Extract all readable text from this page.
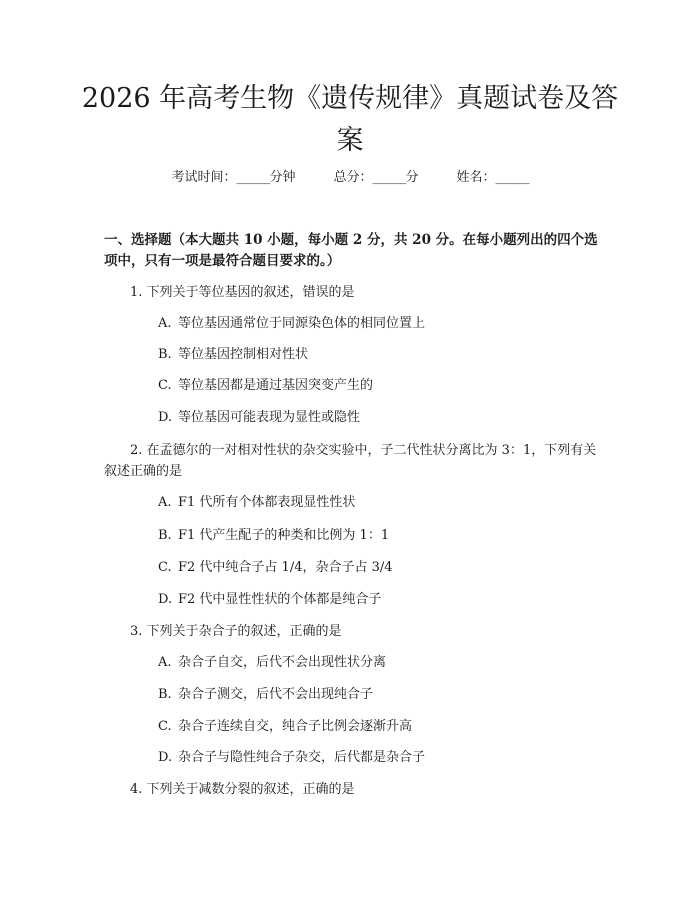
2026 年高考生物《遗传规律》真题试卷及答案
考试时间：______分钟	总分：______分	姓名：______

一、选择题（本大题共 10 小题，每小题 2 分，共 20 分。在每小题列出的四个选项中，只有一项是最符合题目要求的。）

1. 下列关于等位基因的叙述，错误的是

A. 等位基因通常位于同源染色体的相同位置上

B. 等位基因控制相对性状

C. 等位基因都是通过基因突变产生的

D. 等位基因可能表现为显性或隐性

2. 在孟德尔的一对相对性状的杂交实验中，子二代性状分离比为 3：1，下列有关叙述正确的是

A. F1 代所有个体都表现显性性状

B. F1 代产生配子的种类和比例为 1：1

C. F2 代中纯合子占 1/4，杂合子占 3/4

D. F2 代中显性性状的个体都是纯合子

3. 下列关于杂合子的叙述，正确的是

A. 杂合子自交，后代不会出现性状分离

B. 杂合子测交，后代不会出现纯合子

C. 杂合子连续自交，纯合子比例会逐渐升高

D. 杂合子与隐性纯合子杂交，后代都是杂合子

4. 下列关于减数分裂的叙述，正确的是
